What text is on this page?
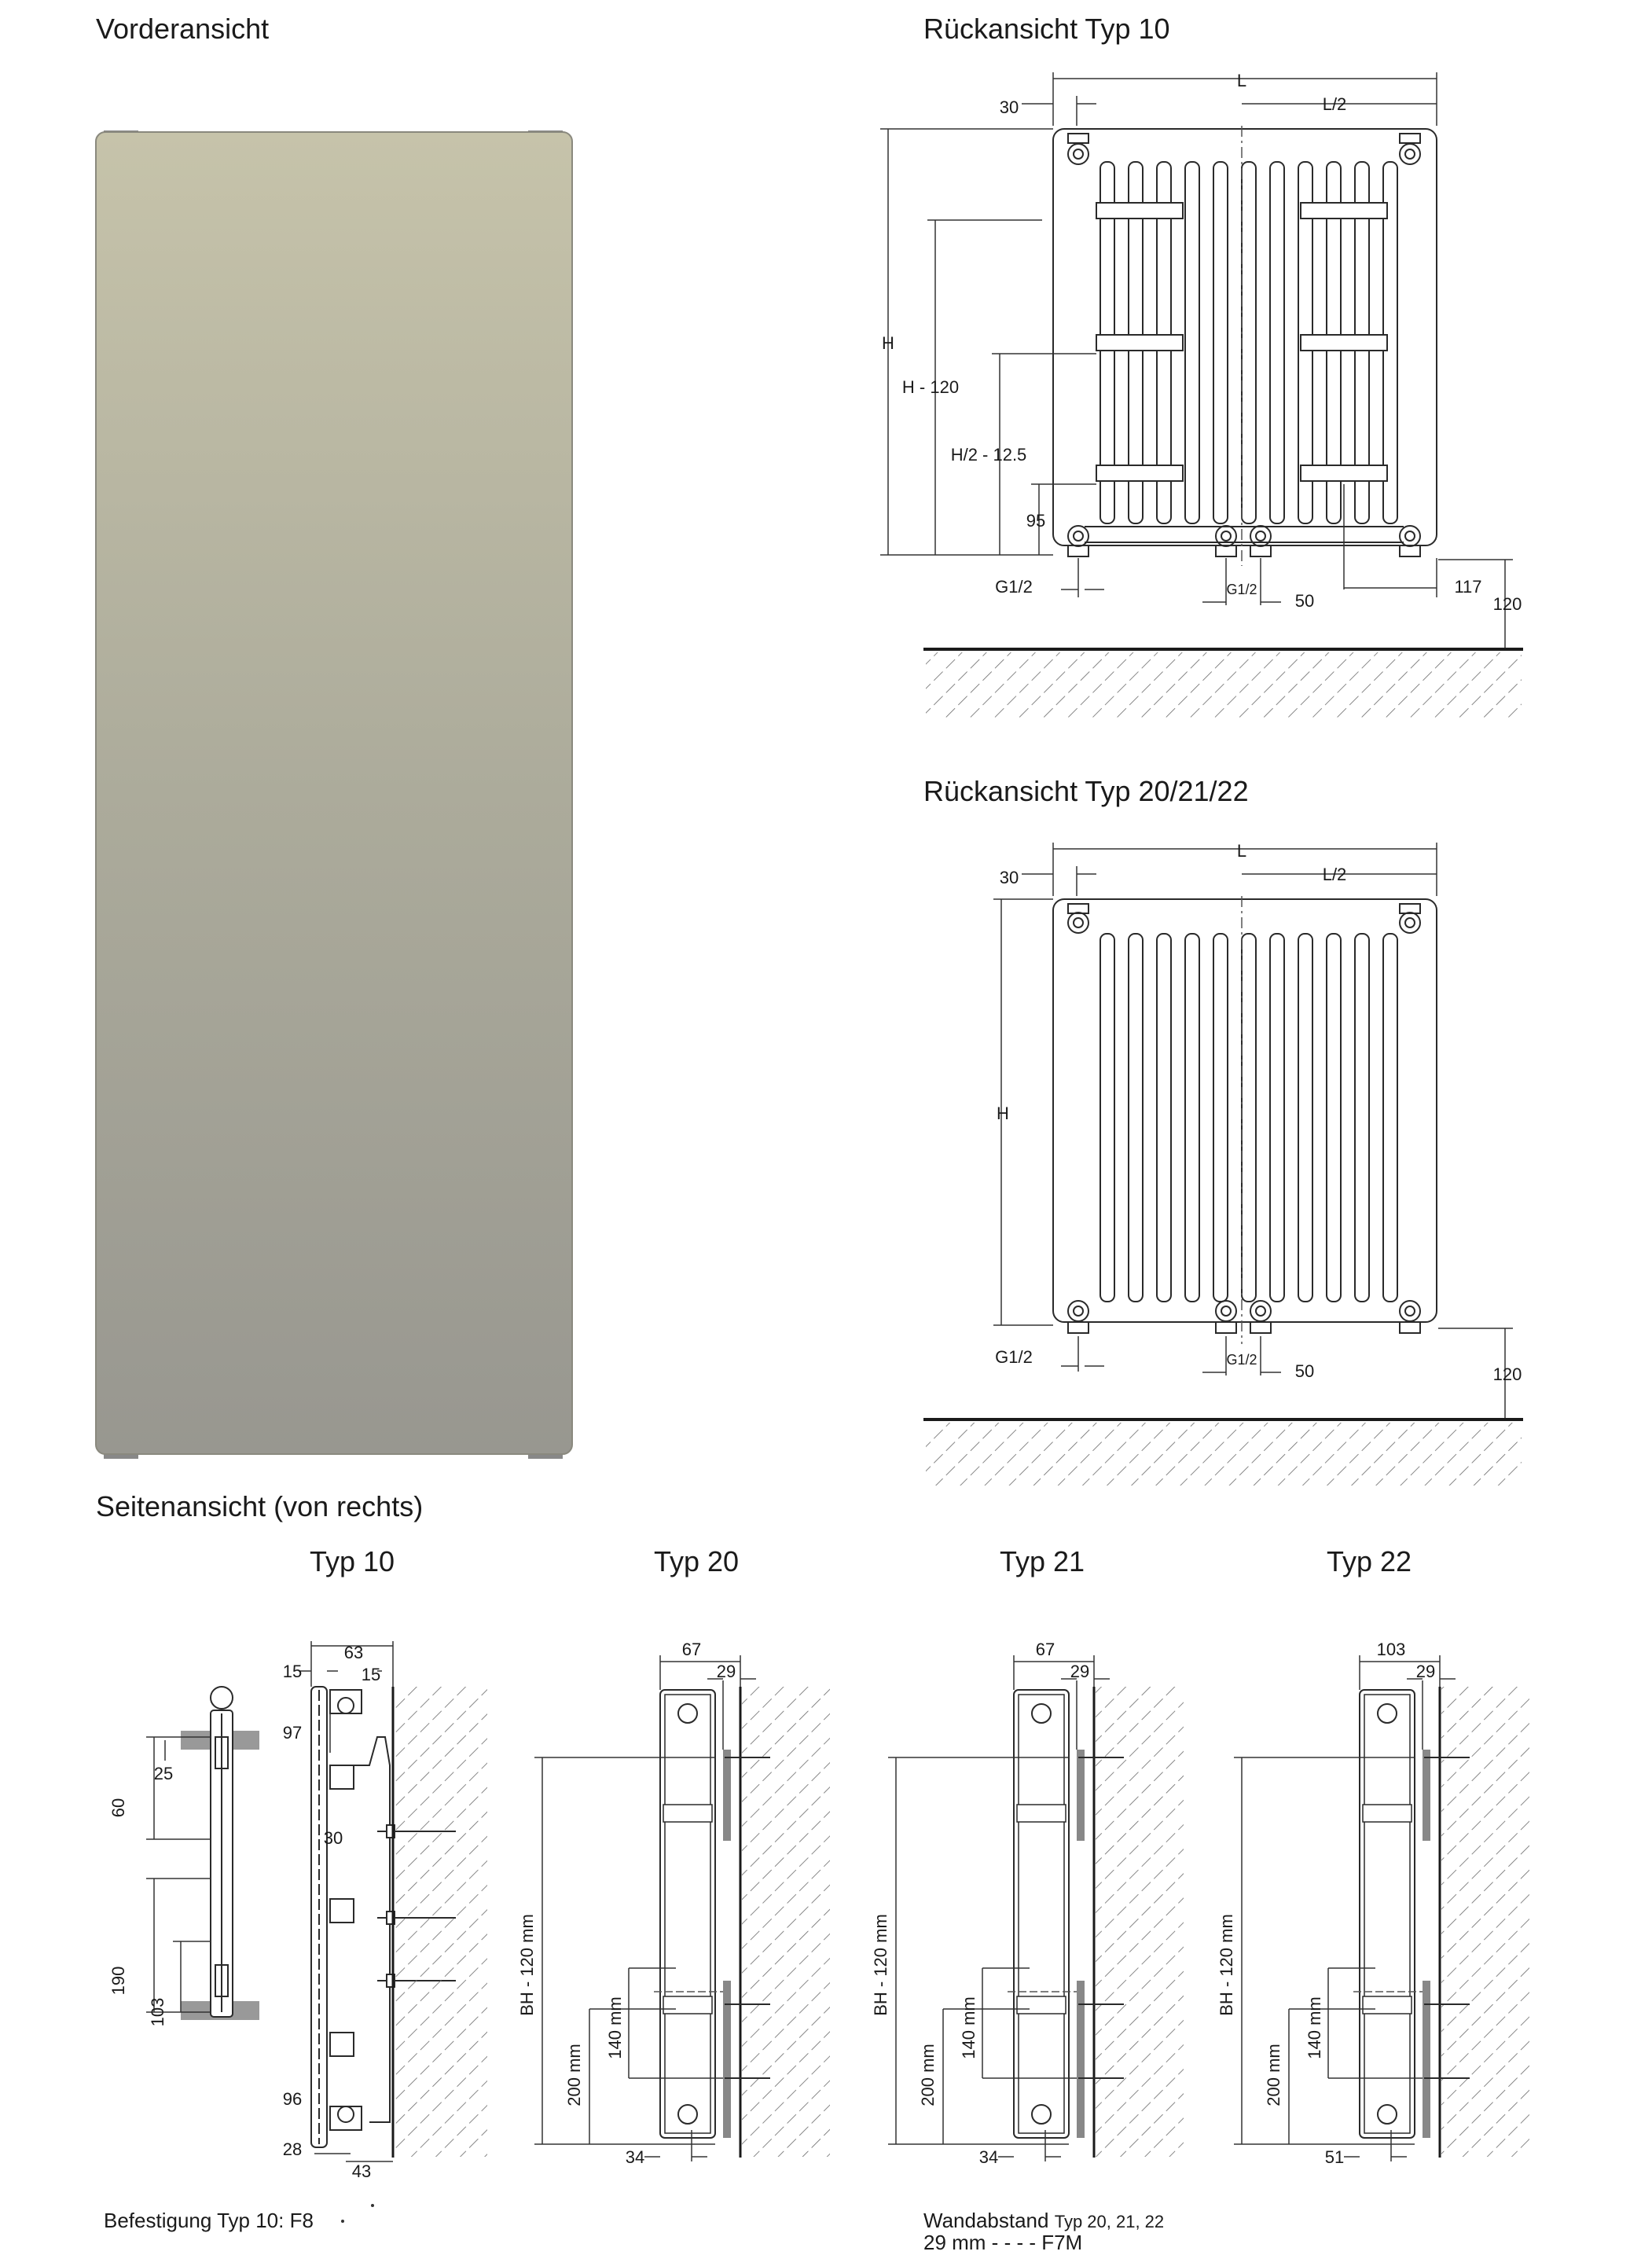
Vorderansicht	Rückansicht Typ 10
Rückansicht Typ 20/21/22
Seitenansicht (von rechts)
Typ 10	Typ 20	Typ 21	Typ 22
L
L/2
30
H
H - 120
H/2 - 12.5
95
G1/2	G1/2
50
117
120
L
L/2
30
H
G1/2	G1/2
50	120
25
60
190
103
63
15	15
97
30
96
28
43
67
29
BH - 120 mm
200 mm
140 mm
34
67
29
BH - 120 mm
200 mm
140 mm
34
103
29
BH - 120 mm
200 mm
140 mm
51
Befestigung Typ 10: F8	Wandabstand Typ 20, 21, 22
29 mm - - - - F7M
